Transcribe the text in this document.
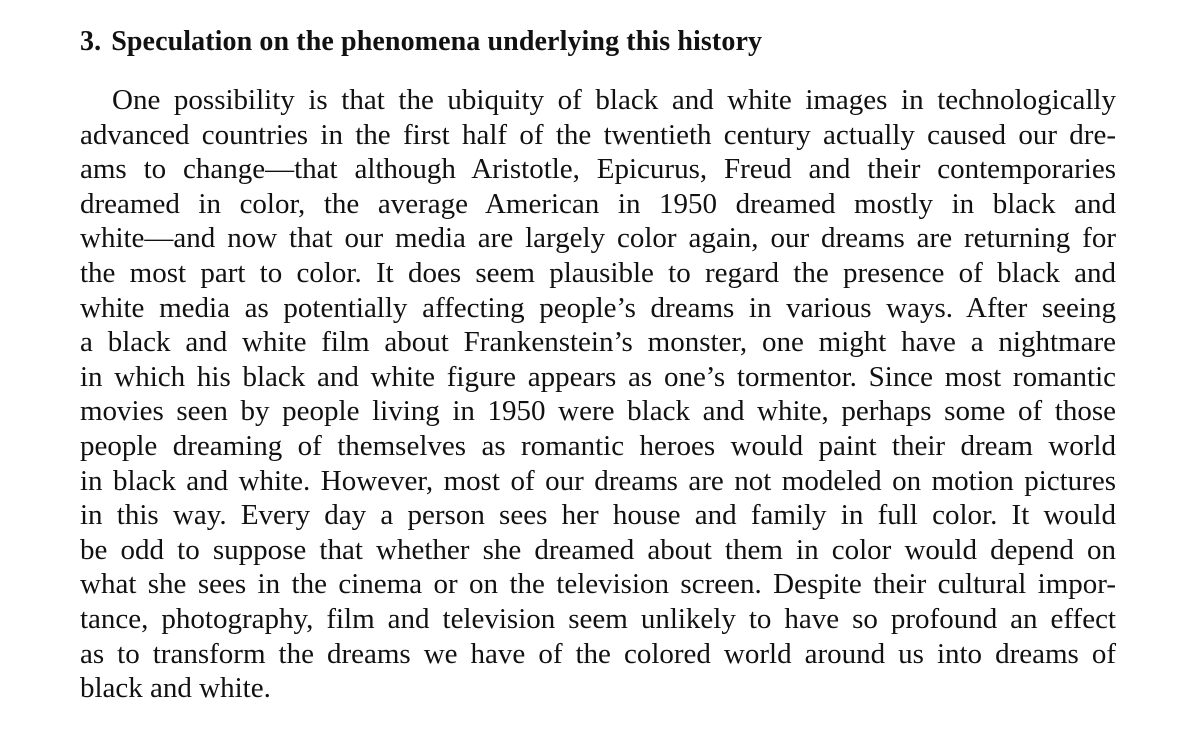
3. Speculation on the phenomena underlying this history
One possibility is that the ubiquity of black and white images in technologically
advanced countries in the first half of the twentieth century actually caused our dre-
ams to change—that although Aristotle, Epicurus, Freud and their contemporaries
dreamed in color, the average American in 1950 dreamed mostly in black and
white—and now that our media are largely color again, our dreams are returning for
the most part to color. It does seem plausible to regard the presence of black and
white media as potentially affecting people’s dreams in various ways. After seeing
a black and white film about Frankenstein’s monster, one might have a nightmare
in which his black and white figure appears as one’s tormentor. Since most romantic
movies seen by people living in 1950 were black and white, perhaps some of those
people dreaming of themselves as romantic heroes would paint their dream world
in black and white. However, most of our dreams are not modeled on motion pictures
in this way. Every day a person sees her house and family in full color. It would
be odd to suppose that whether she dreamed about them in color would depend on
what she sees in the cinema or on the television screen. Despite their cultural impor-
tance, photography, film and television seem unlikely to have so profound an effect
as to transform the dreams we have of the colored world around us into dreams of
black and white.
